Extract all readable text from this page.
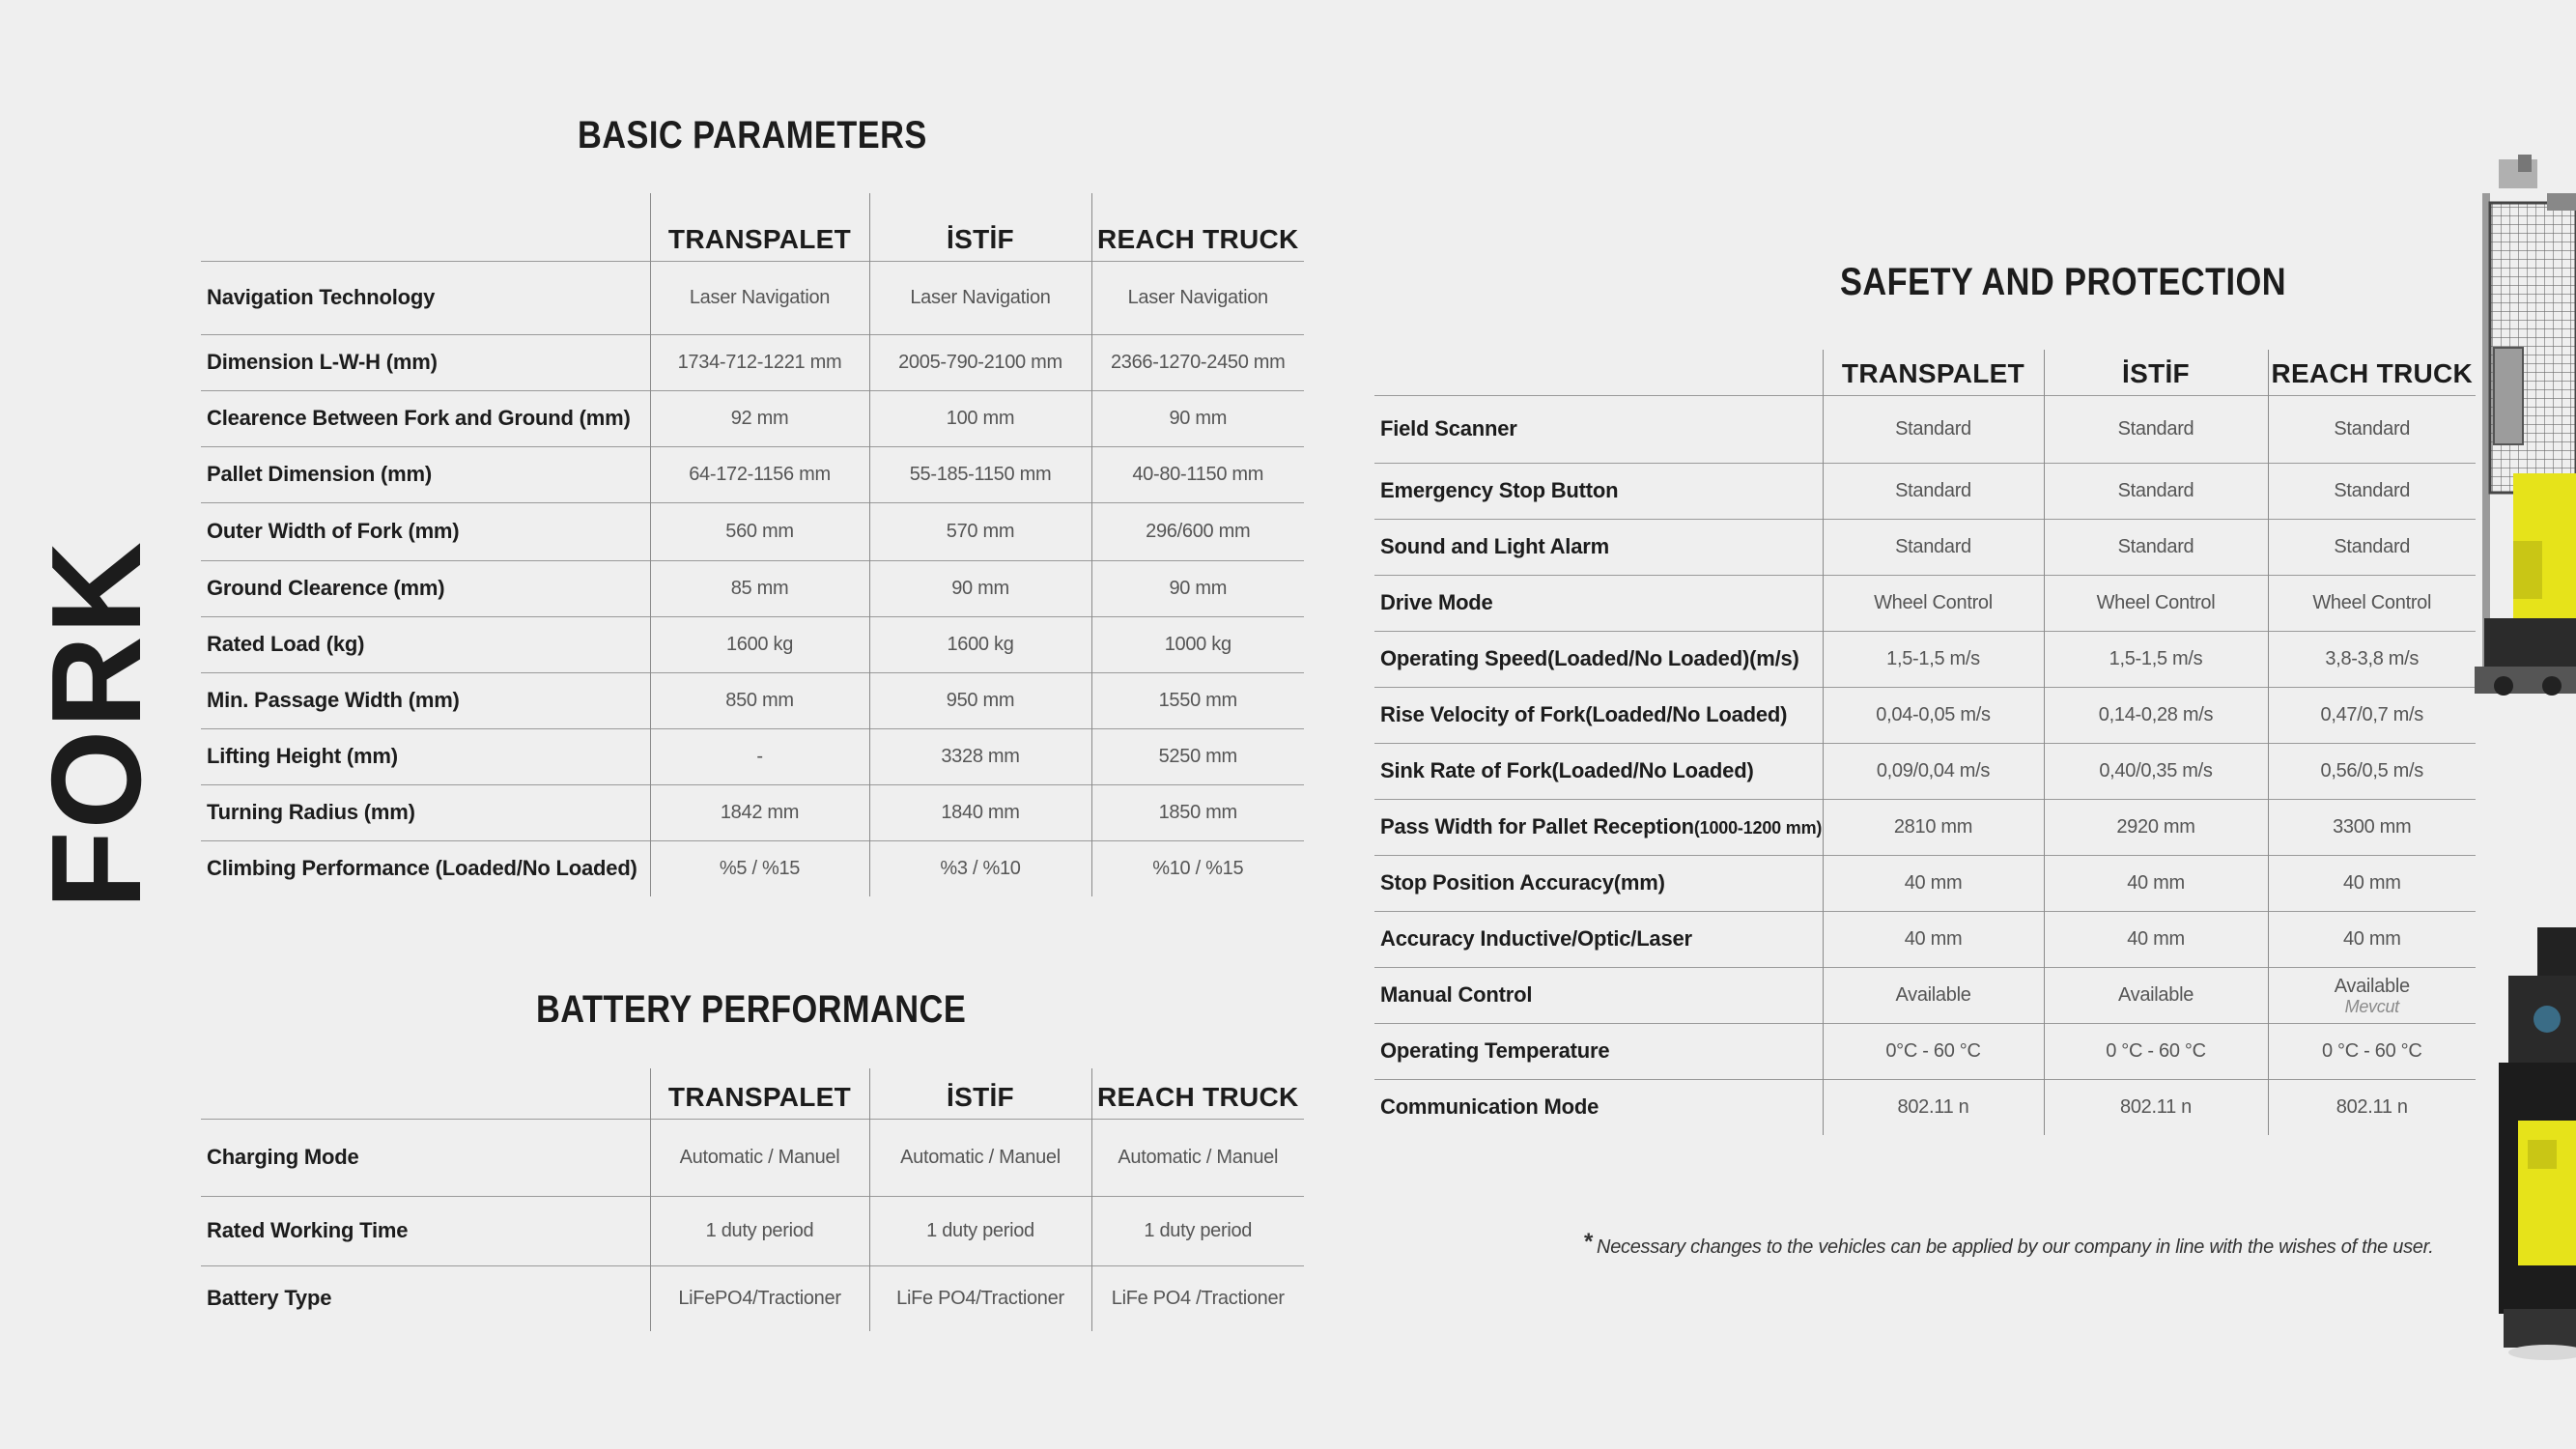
FORK
BASIC PARAMETERS
	TRANSPALET	İSTİF	REACH TRUCK
Navigation Technology	Laser Navigation	Laser Navigation	Laser Navigation
Dimension L-W-H (mm)	1734-712-1221 mm	2005-790-2100 mm	2366-1270-2450 mm
Clearence Between Fork and Ground (mm)	92 mm	100 mm	90 mm
Pallet Dimension (mm)	64-172-1156 mm	55-185-1150 mm	40-80-1150 mm
Outer Width of Fork (mm)	560 mm	570 mm	296/600 mm
Ground Clearence (mm)	85 mm	90 mm	90 mm
Rated Load (kg)	1600 kg	1600 kg	1000 kg
Min. Passage Width (mm)	850 mm	950 mm	1550 mm
Lifting Height (mm)	-	3328 mm	5250 mm
Turning Radius (mm)	1842 mm	1840 mm	1850 mm
Climbing Performance (Loaded/No Loaded)	%5 / %15	%3 / %10	%10 / %15
BATTERY PERFORMANCE
	TRANSPALET	İSTİF	REACH TRUCK
Charging Mode	Automatic / Manuel	Automatic / Manuel	Automatic / Manuel
Rated Working Time	1 duty period	1 duty period	1 duty period
Battery Type	LiFePO4/Tractioner	LiFe PO4/Tractioner	LiFe PO4 /Tractioner
SAFETY AND PROTECTION
	TRANSPALET	İSTİF	REACH TRUCK
Field Scanner	Standard	Standard	Standard
Emergency Stop Button	Standard	Standard	Standard
Sound and Light Alarm	Standard	Standard	Standard
Drive Mode	Wheel Control	Wheel Control	Wheel Control
Operating Speed(Loaded/No Loaded)(m/s)	1,5-1,5 m/s	1,5-1,5 m/s	3,8-3,8 m/s
Rise Velocity of Fork(Loaded/No Loaded)	0,04-0,05 m/s	0,14-0,28 m/s	0,47/0,7 m/s
Sink Rate of Fork(Loaded/No Loaded)	0,09/0,04 m/s	0,40/0,35 m/s	0,56/0,5 m/s
Pass Width for Pallet Reception(1000-1200 mm)	2810 mm	2920 mm	3300 mm
Stop Position Accuracy(mm)	40 mm	40 mm	40 mm
Accuracy Inductive/Optic/Laser	40 mm	40 mm	40 mm
Manual Control	Available	Available	Available
Mevcut

Operating Temperature	0°C - 60 °C	0 °C - 60 °C	0 °C - 60 °C
Communication Mode	802.11 n	802.11 n	802.11 n
* Necessary changes to the vehicles can be applied by our company in line with the wishes of the user.
